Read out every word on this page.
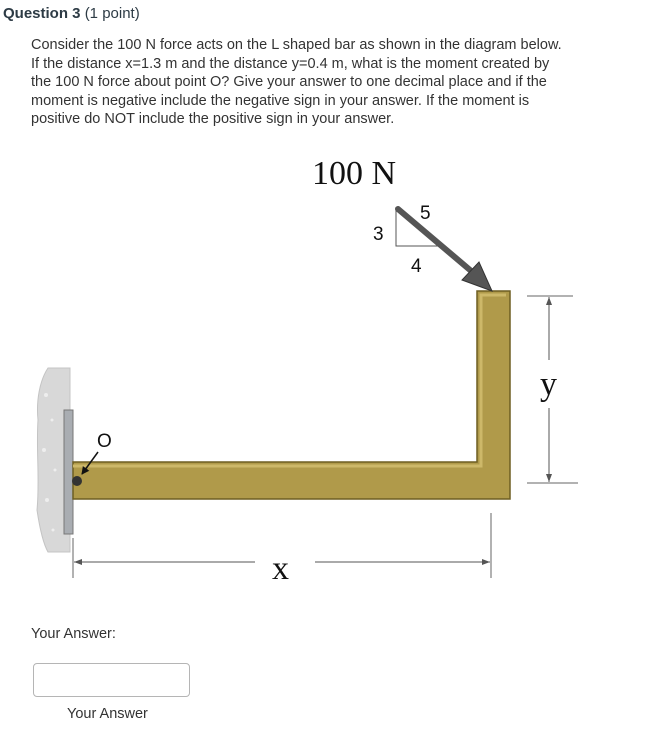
Question 3 (1 point)

Consider the 100 N force acts on the L shaped bar as shown in the diagram below.

If the distance x=1.3 m and the distance y=0.4 m, what is the moment created by

the 100 N force about point O? Give your answer to one decimal place and if the

moment is negative include the negative sign in your answer. If the moment is

positive do NOT include the positive sign in your answer.

O
100 N
5
3
4
y
x
Your Answer:
Your Answer
